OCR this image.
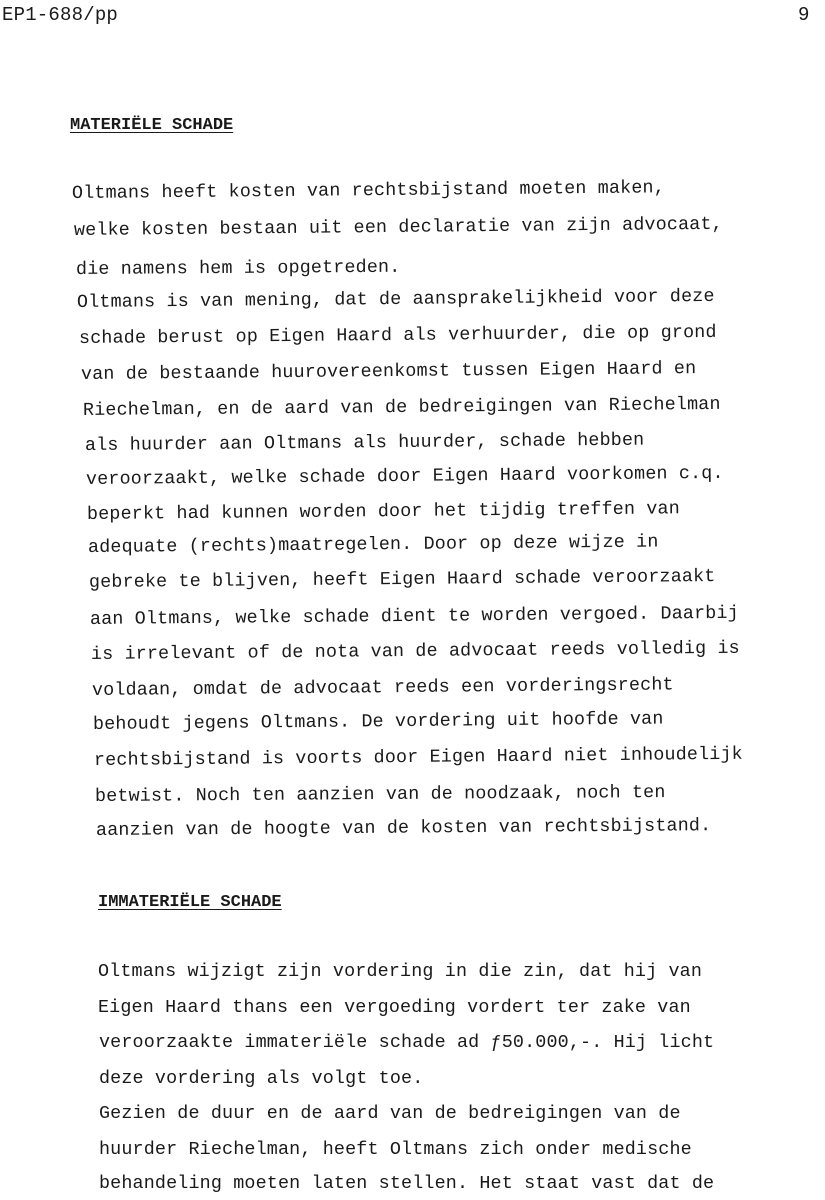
EP1-688/pp	9
MATERIËLE SCHADE
Oltmans heeft kosten van rechtsbijstand moeten maken,
welke kosten bestaan uit een declaratie van zijn advocaat,
die namens hem is opgetreden.
Oltmans is van mening, dat de aansprakelijkheid voor deze
schade berust op Eigen Haard als verhuurder, die op grond
van de bestaande huurovereenkomst tussen Eigen Haard en
Riechelman, en de aard van de bedreigingen van Riechelman
als huurder aan Oltmans als huurder, schade hebben
veroorzaakt, welke schade door Eigen Haard voorkomen c.q.
beperkt had kunnen worden door het tijdig treffen van
adequate (rechts)maatregelen. Door op deze wijze in
gebreke te blijven, heeft Eigen Haard schade veroorzaakt
aan Oltmans, welke schade dient te worden vergoed. Daarbij
is irrelevant of de nota van de advocaat reeds volledig is
voldaan, omdat de advocaat reeds een vorderingsrecht
behoudt jegens Oltmans. De vordering uit hoofde van
rechtsbijstand is voorts door Eigen Haard niet inhoudelijk
betwist. Noch ten aanzien van de noodzaak, noch ten
aanzien van de hoogte van de kosten van rechtsbijstand.
IMMATERIËLE SCHADE
Oltmans wijzigt zijn vordering in die zin, dat hij van
Eigen Haard thans een vergoeding vordert ter zake van
veroorzaakte immateriële schade ad ƒ50.000,-. Hij licht
deze vordering als volgt toe.
Gezien de duur en de aard van de bedreigingen van de
huurder Riechelman, heeft Oltmans zich onder medische
behandeling moeten laten stellen. Het staat vast dat de
